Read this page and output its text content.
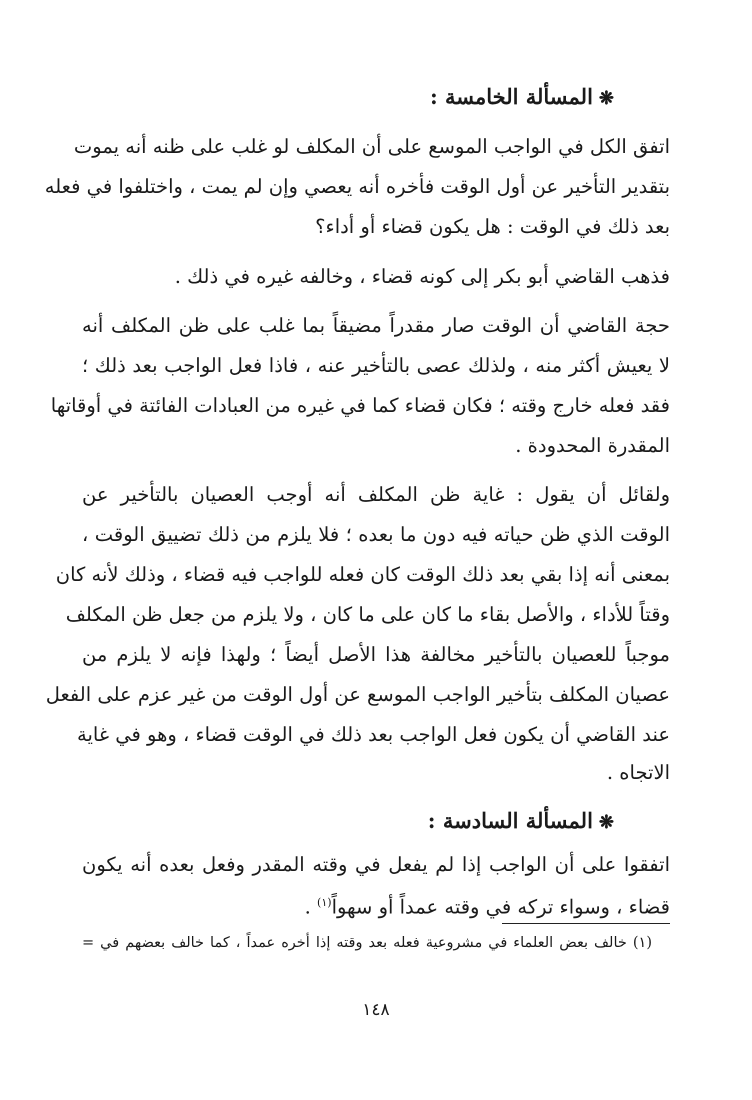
❋المسألة الخامسة :
اتفق الكل في الواجب الموسع على أن المكلف لو غلب على ظنه أنه يموت
بتقدير التأخير عن أول الوقت فأخره أنه يعصي وإن لم يمت ، واختلفوا في فعله
بعد ذلك في الوقت : هل يكون قضاء أو أداء؟
فذهب القاضي أبو بكر إلى كونه قضاء ، وخالفه غيره في ذلك .
حجة القاضي أن الوقت صار مقدراً مضيقاً بما غلب على ظن المكلف أنه
لا يعيش أكثر منه ، ولذلك عصى بالتأخير عنه ، فاذا فعل الواجب بعد ذلك ؛
فقد فعله خارج وقته ؛ فكان قضاء كما في غيره من العبادات الفائتة في أوقاتها
المقدرة المحدودة .
ولقائل أن يقول : غاية ظن المكلف أنه أوجب العصيان بالتأخير عن
الوقت الذي ظن حياته فيه دون ما بعده ؛ فلا يلزم من ذلك تضييق الوقت ،
بمعنى أنه إذا بقي بعد ذلك الوقت كان فعله للواجب فيه قضاء ، وذلك لأنه كان
وقتاً للأداء ، والأصل بقاء ما كان على ما كان ، ولا يلزم من جعل ظن المكلف
موجباً للعصيان بالتأخير مخالفة هذا الأصل أيضاً ؛ ولهذا فإنه لا يلزم من
عصيان المكلف بتأخير الواجب الموسع عن أول الوقت من غير عزم على الفعل
عند القاضي أن يكون فعل الواجب بعد ذلك في الوقت قضاء ، وهو في غاية
الاتجاه .
❋المسألة السادسة :
اتفقوا على أن الواجب إذا لم يفعل في وقته المقدر وفعل بعده أنه يكون
قضاء ، وسواء تركه في وقته عمداً أو سهواً$^{(١)}$ .
(١) خالف بعض العلماء في مشروعية فعله بعد وقته إذا أخره عمداً ، كما خالف بعضهم في =
١٤٨
